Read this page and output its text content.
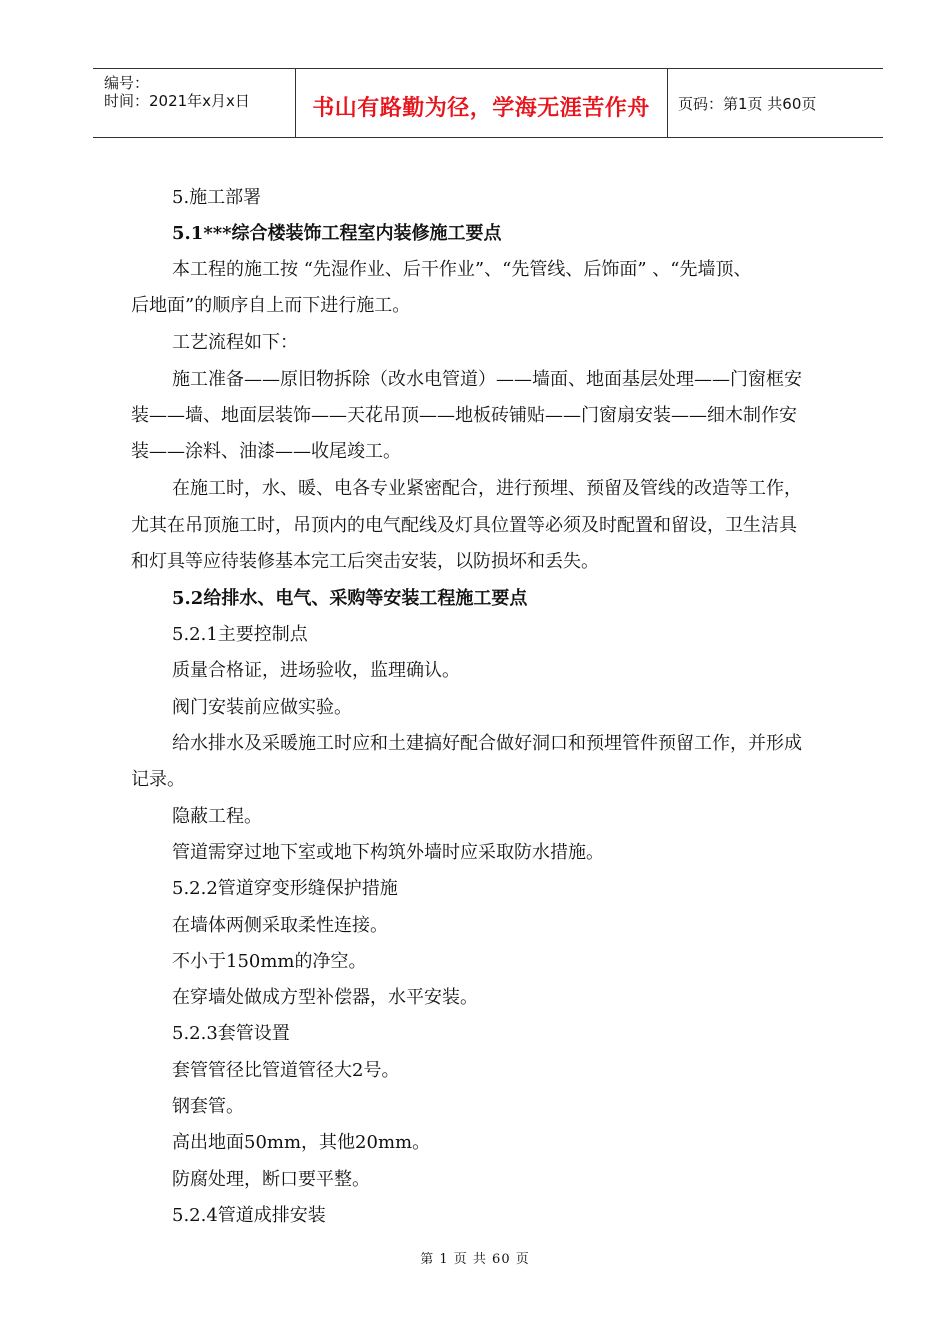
编号：
时间：2021年x月x日	书山有路勤为径，学海无涯苦作舟	页码：第1页 共60页
5.施工部署
5.1***综合楼装饰工程室内装修施工要点
本工程的施工按 “先湿作业、后干作业”、“先管线、后饰面” 、“先墙顶、
后地面”的顺序自上而下进行施工。
工艺流程如下：
施工准备——原旧物拆除（改水电管道）——墙面、地面基层处理——门窗框安
装——墙、地面层装饰——天花吊顶——地板砖铺贴——门窗扇安装——细木制作安
装——涂料、油漆——收尾竣工。
在施工时，水、暖、电各专业紧密配合，进行预埋、预留及管线的改造等工作，
尤其在吊顶施工时，吊顶内的电气配线及灯具位置等必须及时配置和留设，卫生洁具
和灯具等应待装修基本完工后突击安装，以防损坏和丢失。
5.2给排水、电气、采购等安装工程施工要点
5.2.1主要控制点
质量合格证，进场验收，监理确认。
阀门安装前应做实验。
给水排水及采暖施工时应和土建搞好配合做好洞口和预埋管件预留工作，并形成
记录。
隐蔽工程。
管道需穿过地下室或地下构筑外墙时应采取防水措施。
5.2.2管道穿变形缝保护措施
在墙体两侧采取柔性连接。
不小于150mm的净空。
在穿墙处做成方型补偿器，水平安装。
5.2.3套管设置
套管管径比管道管径大2号。
钢套管。
高出地面50mm，其他20mm。
防腐处理，断口要平整。
5.2.4管道成排安装
第 1 页 共 60 页
